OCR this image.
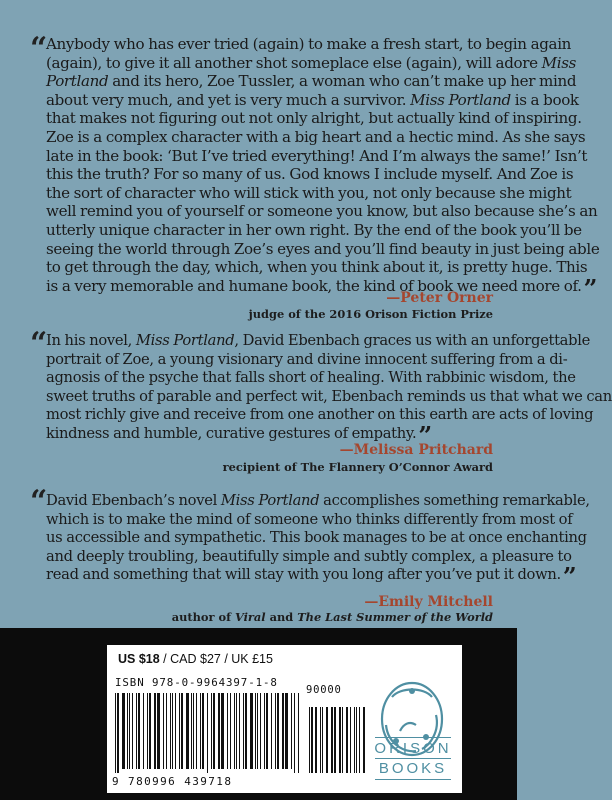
“
Anybody who has ever tried (again) to make a fresh start, to begin again
(again), to give it all another shot someplace else (again), will adore Miss
Portland and its hero, Zoe Tussler, a woman who can’t make up her mind
about very much, and yet is very much a survivor. Miss Portland is a book
that makes not figuring out not only alright, but actually kind of inspiring.
Zoe is a complex character with a big heart and a hectic mind. As she says
late in the book: ‘But I’ve tried everything! And I’m always the same!’ Isn’t
this the truth? For so many of us. God knows I include myself. And Zoe is
the sort of character who will stick with you, not only because she might
well remind you of yourself or someone you know, but also because she’s an
utterly unique character in her own right. By the end of the book you’ll be
seeing the world through Zoe’s eyes and you’ll find beauty in just being able
to get through the day, which, when you think about it, is pretty huge. This
is a very memorable and humane book, the kind of book we need more of.”
—Peter Orner
judge of the 2016 Orison Fiction Prize
“
In his novel, Miss Portland, David Ebenbach graces us with an unforgettable
portrait of Zoe, a young visionary and divine innocent suffering from a di-
agnosis of the psyche that falls short of healing. With rabbinic wisdom, the
sweet truths of parable and perfect wit, Ebenbach reminds us that what we can
most richly give and receive from one another on this earth are acts of loving
kindness and humble, curative gestures of empathy.”
—Melissa Pritchard
recipient of The Flannery O’Connor Award
“
David Ebenbach’s novel Miss Portland accomplishes something remarkable,
which is to make the mind of someone who thinks differently from most of
us accessible and sympathetic. This book manages to be at once enchanting
and deeply troubling, beautifully simple and subtly complex, a pleasure to
read and something that will stay with you long after you’ve put it down.”
—Emily Mitchell
author of Viral and The Last Summer of the World
US $18 / CAD $27 / UK £15
ISBN 978-0-9964397-1-8
90000
9 780996 439718
ORISON
BOOKS
